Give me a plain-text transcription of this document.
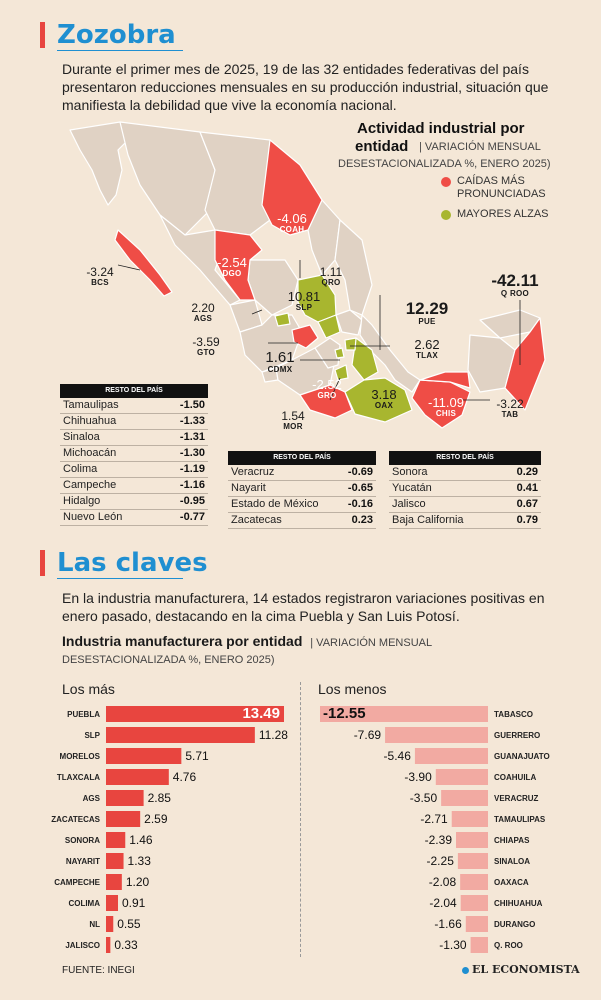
Zozobra
Durante el primer mes de 2025, 19 de las 32 entidades federativas del país presentaron reducciones mensuales en su producción industrial, situación que manifiesta la debilidad que vive la economía nacional.
Actividad industrial por
entidad | VARIACIÓN MENSUAL
DESESTACIONALIZADA %, ENERO 2025)
CAÍDAS MÁS PRONUNCIADAS
MAYORES ALZAS
-4.06
COAH
-2.54
DGO
-3.24
BCS
1.11
QRO	-42.11
Q ROO
10.81
SLP
2.20
AGS
12.29
PUE
-3.59
GTO
2.62
TLAX
1.61
CDMX
-2.52
GRO	3.18
OAX	-11.09
CHIS
-3.22
TAB
1.54
MOR
RESTO DEL PAÍS
Tamaulipas	-1.50
Chihuahua	-1.33
Sinaloa	-1.31
Michoacán	-1.30
Colima	-1.19
Campeche	-1.16
Hidalgo	-0.95
Nuevo León	-0.77
RESTO DEL PAÍS
Veracruz	-0.69
Nayarit	-0.65
Estado de México	-0.16
Zacatecas	0.23
RESTO DEL PAÍS
Sonora	0.29
Yucatán	0.41
Jalisco	0.67
Baja California	0.79
Las claves
En la industria manufacturera, 14 estados registraron variaciones positivas en enero pasado, destacando en la cima Puebla y San Luis Potosí.
Industria manufacturera por entidad | VARIACIÓN MENSUAL
DESESTACIONALIZADA %, ENERO 2025)
Los más	Los menos
PUEBLA	13.49
SLP	11.28
MORELOS	5.71
TLAXCALA	4.76
AGS	2.85
ZACATECAS	2.59
SONORA 1.46
NAYARIT 1.33
CAMPECHE 1.20
COLIMA 0.91
NL 0.55
JALISCO 0.33
-12.55	TABASCO
-7.69	GUERRERO
-5.46	GUANAJUATO
-3.90	COAHUILA
-3.50	VERACRUZ
-2.71	TAMAULIPAS
-2.39	CHIAPAS
-2.25	SINALOA
-2.08	OAXACA
-2.04	CHIHUAHUA
-1.66	DURANGO
-1.30	Q. ROO
FUENTE: INEGI	EL ECONOMISTA
